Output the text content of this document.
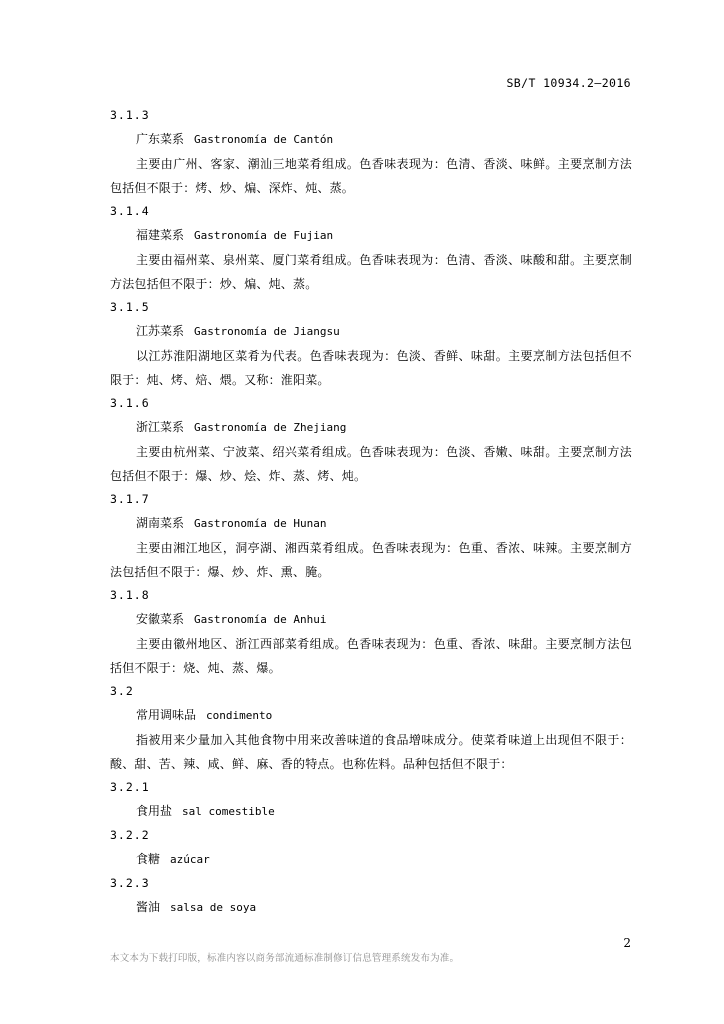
SB/T 10934.2—2016

3.1.3

广东菜系 Gastronomía de Cantón

主要由广州、客家、潮汕三地菜肴组成。色香味表现为：色清、香淡、味鲜。主要烹制方法包括但不限于：烤、炒、煸、深炸、炖、蒸。

3.1.4

福建菜系 Gastronomía de Fujian

主要由福州菜、泉州菜、厦门菜肴组成。色香味表现为：色清、香淡、味酸和甜。主要烹制方法包括但不限于：炒、煸、炖、蒸。

3.1.5

江苏菜系 Gastronomía de Jiangsu

以江苏淮阳湖地区菜肴为代表。色香味表现为：色淡、香鲜、味甜。主要烹制方法包括但不限于：炖、烤、焙、煨。又称：淮阳菜。

3.1.6

浙江菜系 Gastronomía de Zhejiang

主要由杭州菜、宁波菜、绍兴菜肴组成。色香味表现为：色淡、香嫩、味甜。主要烹制方法包括但不限于：爆、炒、烩、炸、蒸、烤、炖。

3.1.7

湖南菜系 Gastronomía de Hunan

主要由湘江地区，洞亭湖、湘西菜肴组成。色香味表现为：色重、香浓、味辣。主要烹制方法包括但不限于：爆、炒、炸、熏、腌。

3.1.8

安徽菜系 Gastronomía de Anhui

主要由徽州地区、浙江西部菜肴组成。色香味表现为：色重、香浓、味甜。主要烹制方法包括但不限于：烧、炖、蒸、爆。

3.2

常用调味品 condimento

指被用来少量加入其他食物中用来改善味道的食品增味成分。使菜肴味道上出现但不限于：酸、甜、苦、辣、咸、鲜、麻、香的特点。也称佐料。品种包括但不限于：

3.2.1

食用盐 sal comestible

3.2.2

食糖 azúcar

3.2.3

酱油 salsa de soya

2
本文本为下载打印版，标准内容以商务部流通标准制修订信息管理系统发布为准。
